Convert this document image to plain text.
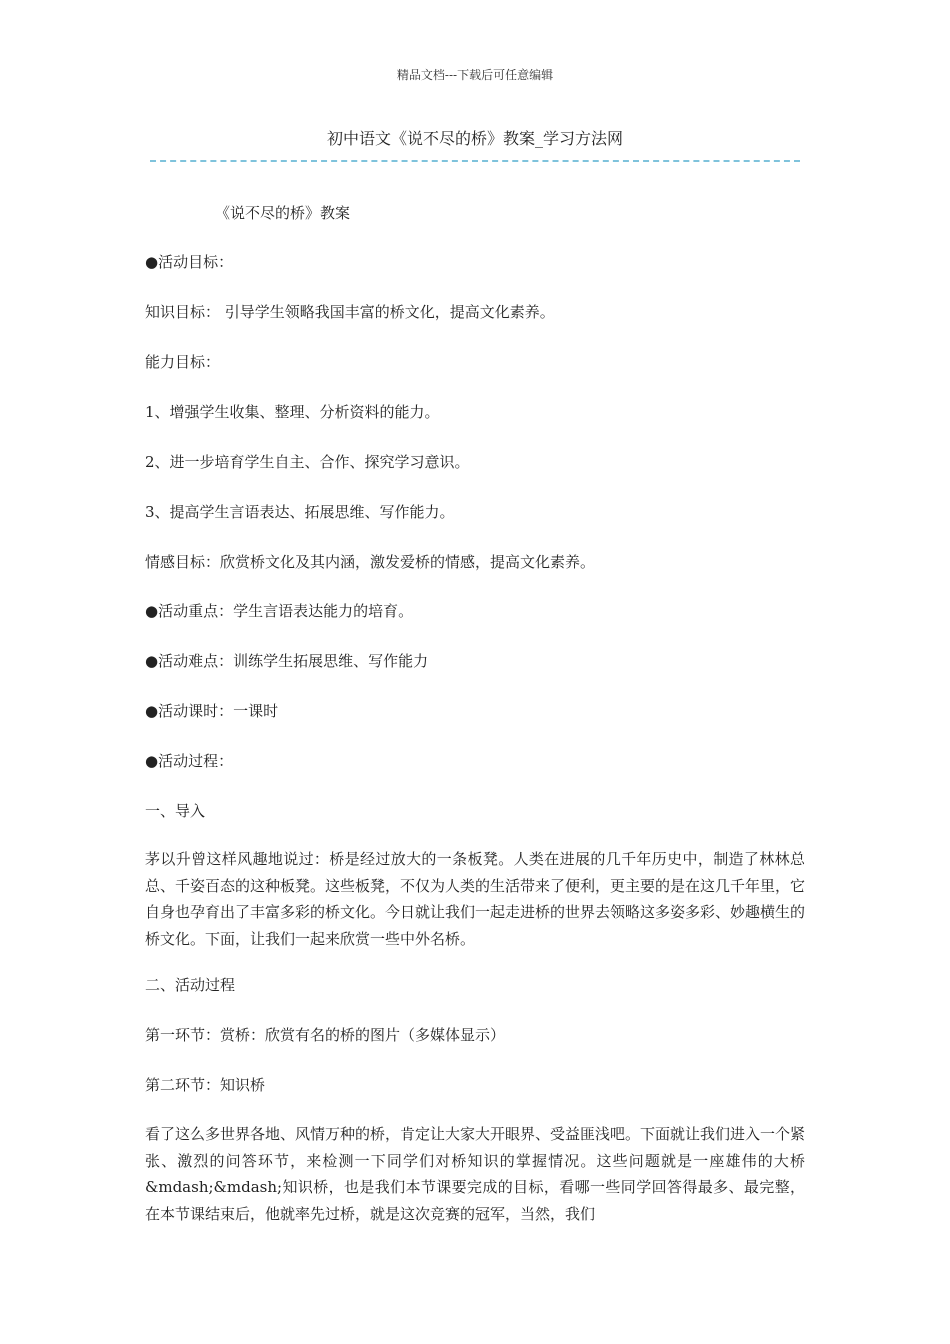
精品文档---下载后可任意编辑
初中语文《说不尽的桥》教案_学习方法网
《说不尽的桥》教案
●活动目标：
知识目标： 引导学生领略我国丰富的桥文化，提高文化素养。
能力目标：
1、增强学生收集、整理、分析资料的能力。
2、进一步培育学生自主、合作、探究学习意识。
3、提高学生言语表达、拓展思维、写作能力。
情感目标：欣赏桥文化及其内涵，激发爱桥的情感，提高文化素养。
●活动重点：学生言语表达能力的培育。
●活动难点：训练学生拓展思维、写作能力
●活动课时：一课时
●活动过程：
一、导入
茅以升曾这样风趣地说过：桥是经过放大的一条板凳。人类在进展的几千年历史中，制造了林林总总、千姿百态的这种板凳。这些板凳，不仅为人类的生活带来了便利，更主要的是在这几千年里，它自身也孕育出了丰富多彩的桥文化。今日就让我们一起走进桥的世界去领略这多姿多彩、妙趣横生的桥文化。下面，让我们一起来欣赏一些中外名桥。
二、活动过程
第一环节：赏桥：欣赏有名的桥的图片（多媒体显示）
第二环节：知识桥
看了这么多世界各地、风情万种的桥，肯定让大家大开眼界、受益匪浅吧。下面就让我们进入一个紧张、激烈的问答环节，来检测一下同学们对桥知识的掌握情况。这些问题就是一座雄伟的大桥&mdash;&mdash;知识桥，也是我们本节课要完成的目标，看哪一些同学回答得最多、最完整，在本节课结束后，他就率先过桥，就是这次竞赛的冠军，当然，我们
